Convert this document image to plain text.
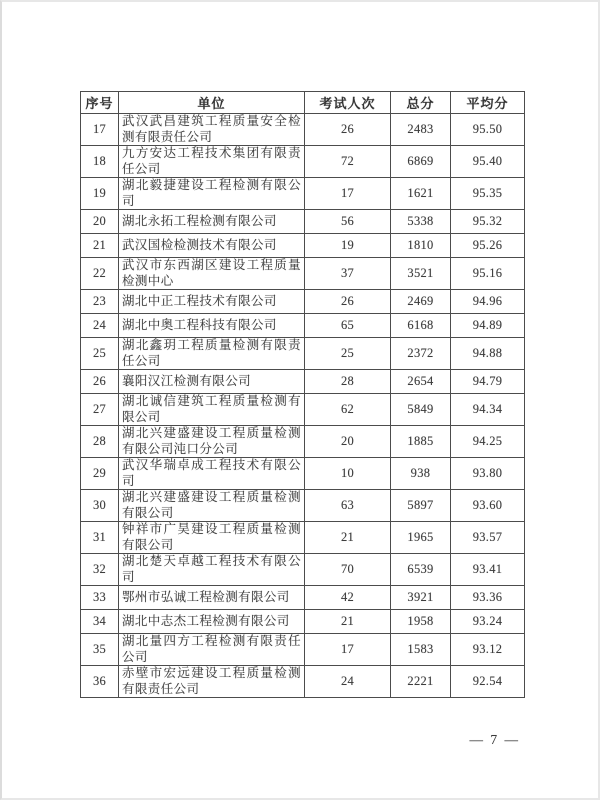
序号	单位	考试人次	总分	平均分
17	武汉武昌建筑工程质量安全检测有限责任公司	26	2483	95.50
18	九方安达工程技术集团有限责任公司	72	6869	95.40
19	湖北毅捷建设工程检测有限公司	17	1621	95.35
20	湖北永拓工程检测有限公司	56	5338	95.32
21	武汉国检检测技术有限公司	19	1810	95.26
22	武汉市东西湖区建设工程质量检测中心	37	3521	95.16
23	湖北中正工程技术有限公司	26	2469	94.96
24	湖北中奥工程科技有限公司	65	6168	94.89
25	湖北鑫玥工程质量检测有限责任公司	25	2372	94.88
26	襄阳汉江检测有限公司	28	2654	94.79
27	湖北诚信建筑工程质量检测有限公司	62	5849	94.34
28	湖北兴建盛建设工程质量检测有限公司沌口分公司	20	1885	94.25
29	武汉华瑞卓成工程技术有限公司	10	938	93.80
30	湖北兴建盛建设工程质量检测有限公司	63	5897	93.60
31	钟祥市广昊建设工程质量检测有限公司	21	1965	93.57
32	湖北楚天卓越工程技术有限公司	70	6539	93.41
33	鄂州市弘诚工程检测有限公司	42	3921	93.36
34	湖北中志杰工程检测有限公司	21	1958	93.24
35	湖北量四方工程检测有限责任公司	17	1583	93.12
36	赤壁市宏远建设工程质量检测有限责任公司	24	2221	92.54
— 7 —
